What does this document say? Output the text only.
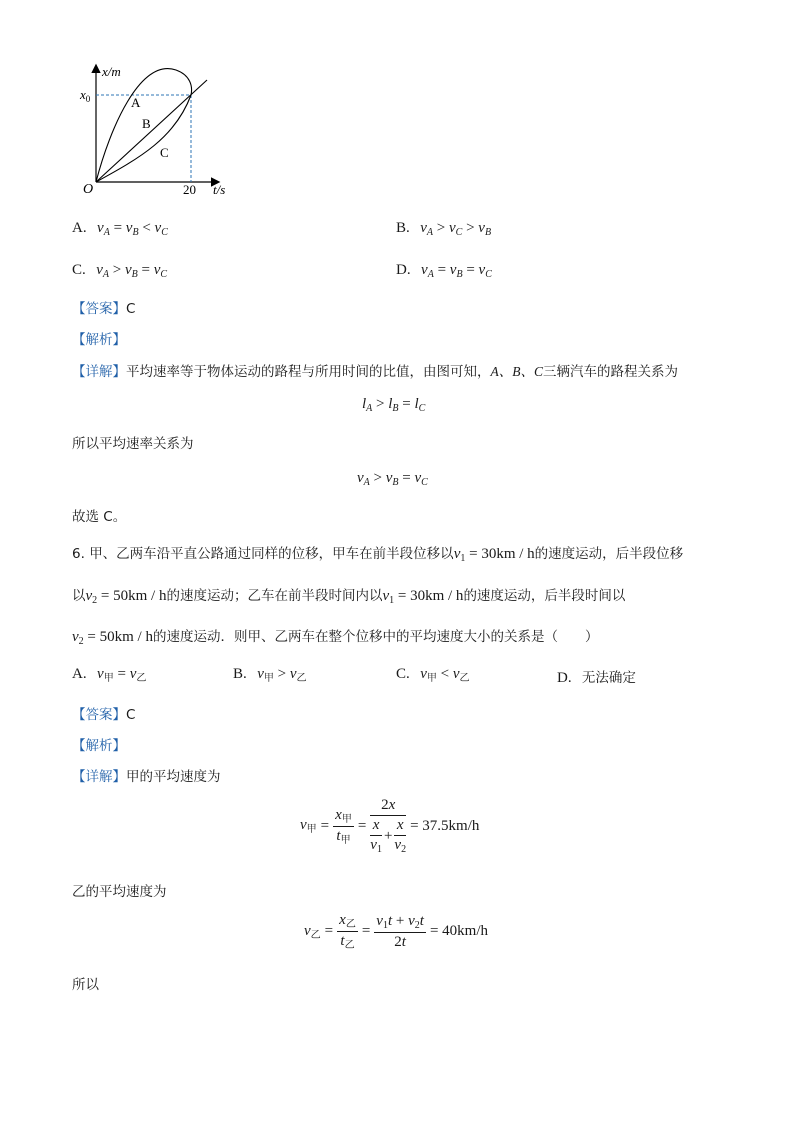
x/m
O	t/s
20
$x_0$	A
B
C
A. $v_A = v_B < v_C$	B. $v_A > v_C > v_B$
C. $v_A > v_B = v_C$	D. $v_A = v_B = v_C$
【答案】C
【解析】
【详解】平均速率等于物体运动的路程与所用时间的比值，由图可知，A、B、C三辆汽车的路程关系为
$l_A > l_B = l_C$
所以平均速率关系为
$v_A > v_B = v_C$
故选 C。
6. 甲、乙两车沿平直公路通过同样的位移，甲车在前半段位移以$v_1 = 30km / h$的速度运动，后半段位移
以$v_2 = 50km / h$的速度运动；乙车在前半段时间内以$v_1 = 30km / h$的速度运动，后半段时间以
$v_2 = 50km / h$的速度运动．则甲、乙两车在整个位移中的平均速度大小的关系是（　　）
A. $v_甲 = v_乙$	B. $v_甲 > v_乙$	C. $v_甲 < v_乙$	D. 无法确定
【答案】C
【解析】
【详解】甲的平均速度为
$v_甲 = \frac{x_甲}{t_甲} = \frac{2x}{\frac{x}{v_1} + \frac{x}{v_2}} = 37.5km/h$
乙的平均速度为
$v_乙 = \frac{x_乙}{t_乙} = \frac{v_1t + v_2t}{2t} = 40km/h$
所以
